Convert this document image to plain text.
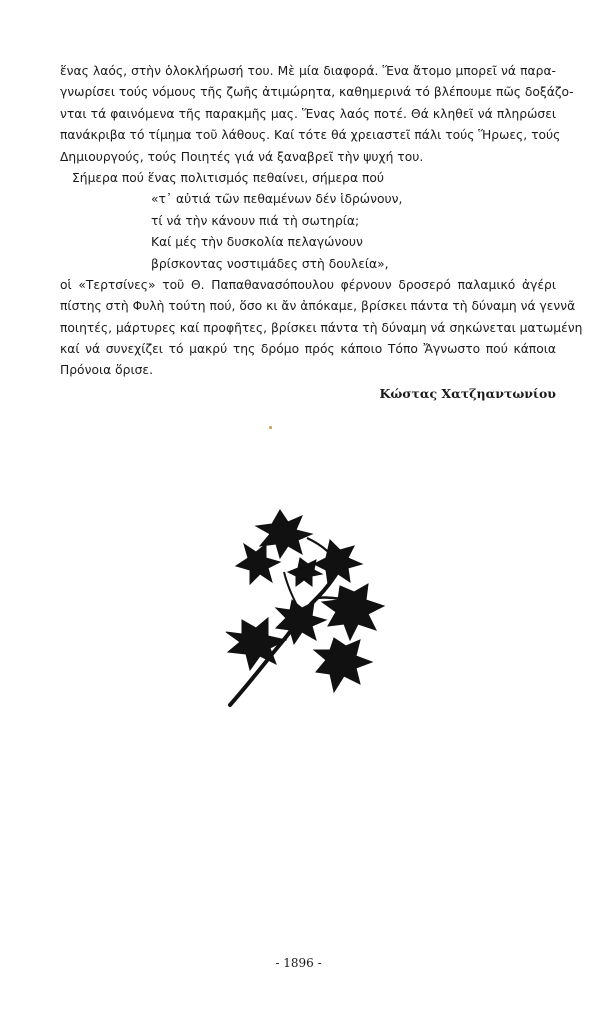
ἕνας λαός, στὴν ὁλοκλήρωσή του. Μὲ μία διαφορά. Ἕνα ἄτομο μπορεῖ νά παρα-
γνωρίσει τούς νόμους τῆς ζωῆς ἀτιμώρητα, καθημερινά τό βλέπουμε πῶς δοξάζο-
νται τά φαινόμενα τῆς παρακμῆς μας. Ἕνας λαός ποτέ. Θά κληθεῖ νά πληρώσει
πανάκριβα τό τίμημα τοῦ λάθους. Καί τότε θά χρειαστεῖ πάλι τούς Ἥρωες, τούς
Δημιουργούς, τούς Ποιητές γιά νά ξαναβρεῖ τὴν ψυχή του.
Σήμερα πού ἕνας πολιτισμός πεθαίνει, σήμερα πού
«τ᾽ αὐτιά τῶν πεθαμένων δέν ἱδρώνουν,
τί νά τὴν κάνουν πιά τὴ σωτηρία;
Καί μές τὴν δυσκολία πελαγώνουν
βρίσκοντας νοστιμάδες στὴ δουλεία»,
οἱ «Τερτσίνες» τοῦ Θ. Παπαθανασόπουλου φέρνουν δροσερό παλαμικό ἀγέρι
πίστης στὴ Φυλὴ τούτη πού, ὅσο κι ἄν ἀπόκαμε, βρίσκει πάντα τὴ δύναμη νά γεννᾶ
ποιητές, μάρτυρες καί προφῆτες, βρίσκει πάντα τὴ δύναμη νά σηκώνεται ματωμένη
καί νά συνεχίζει τό μακρύ της δρόμο πρός κάποιο Τόπο Ἄγνωστο πού κάποια
Πρόνοια ὅρισε.
Κώστας Χατζηαντωνίου
- 1896 -
